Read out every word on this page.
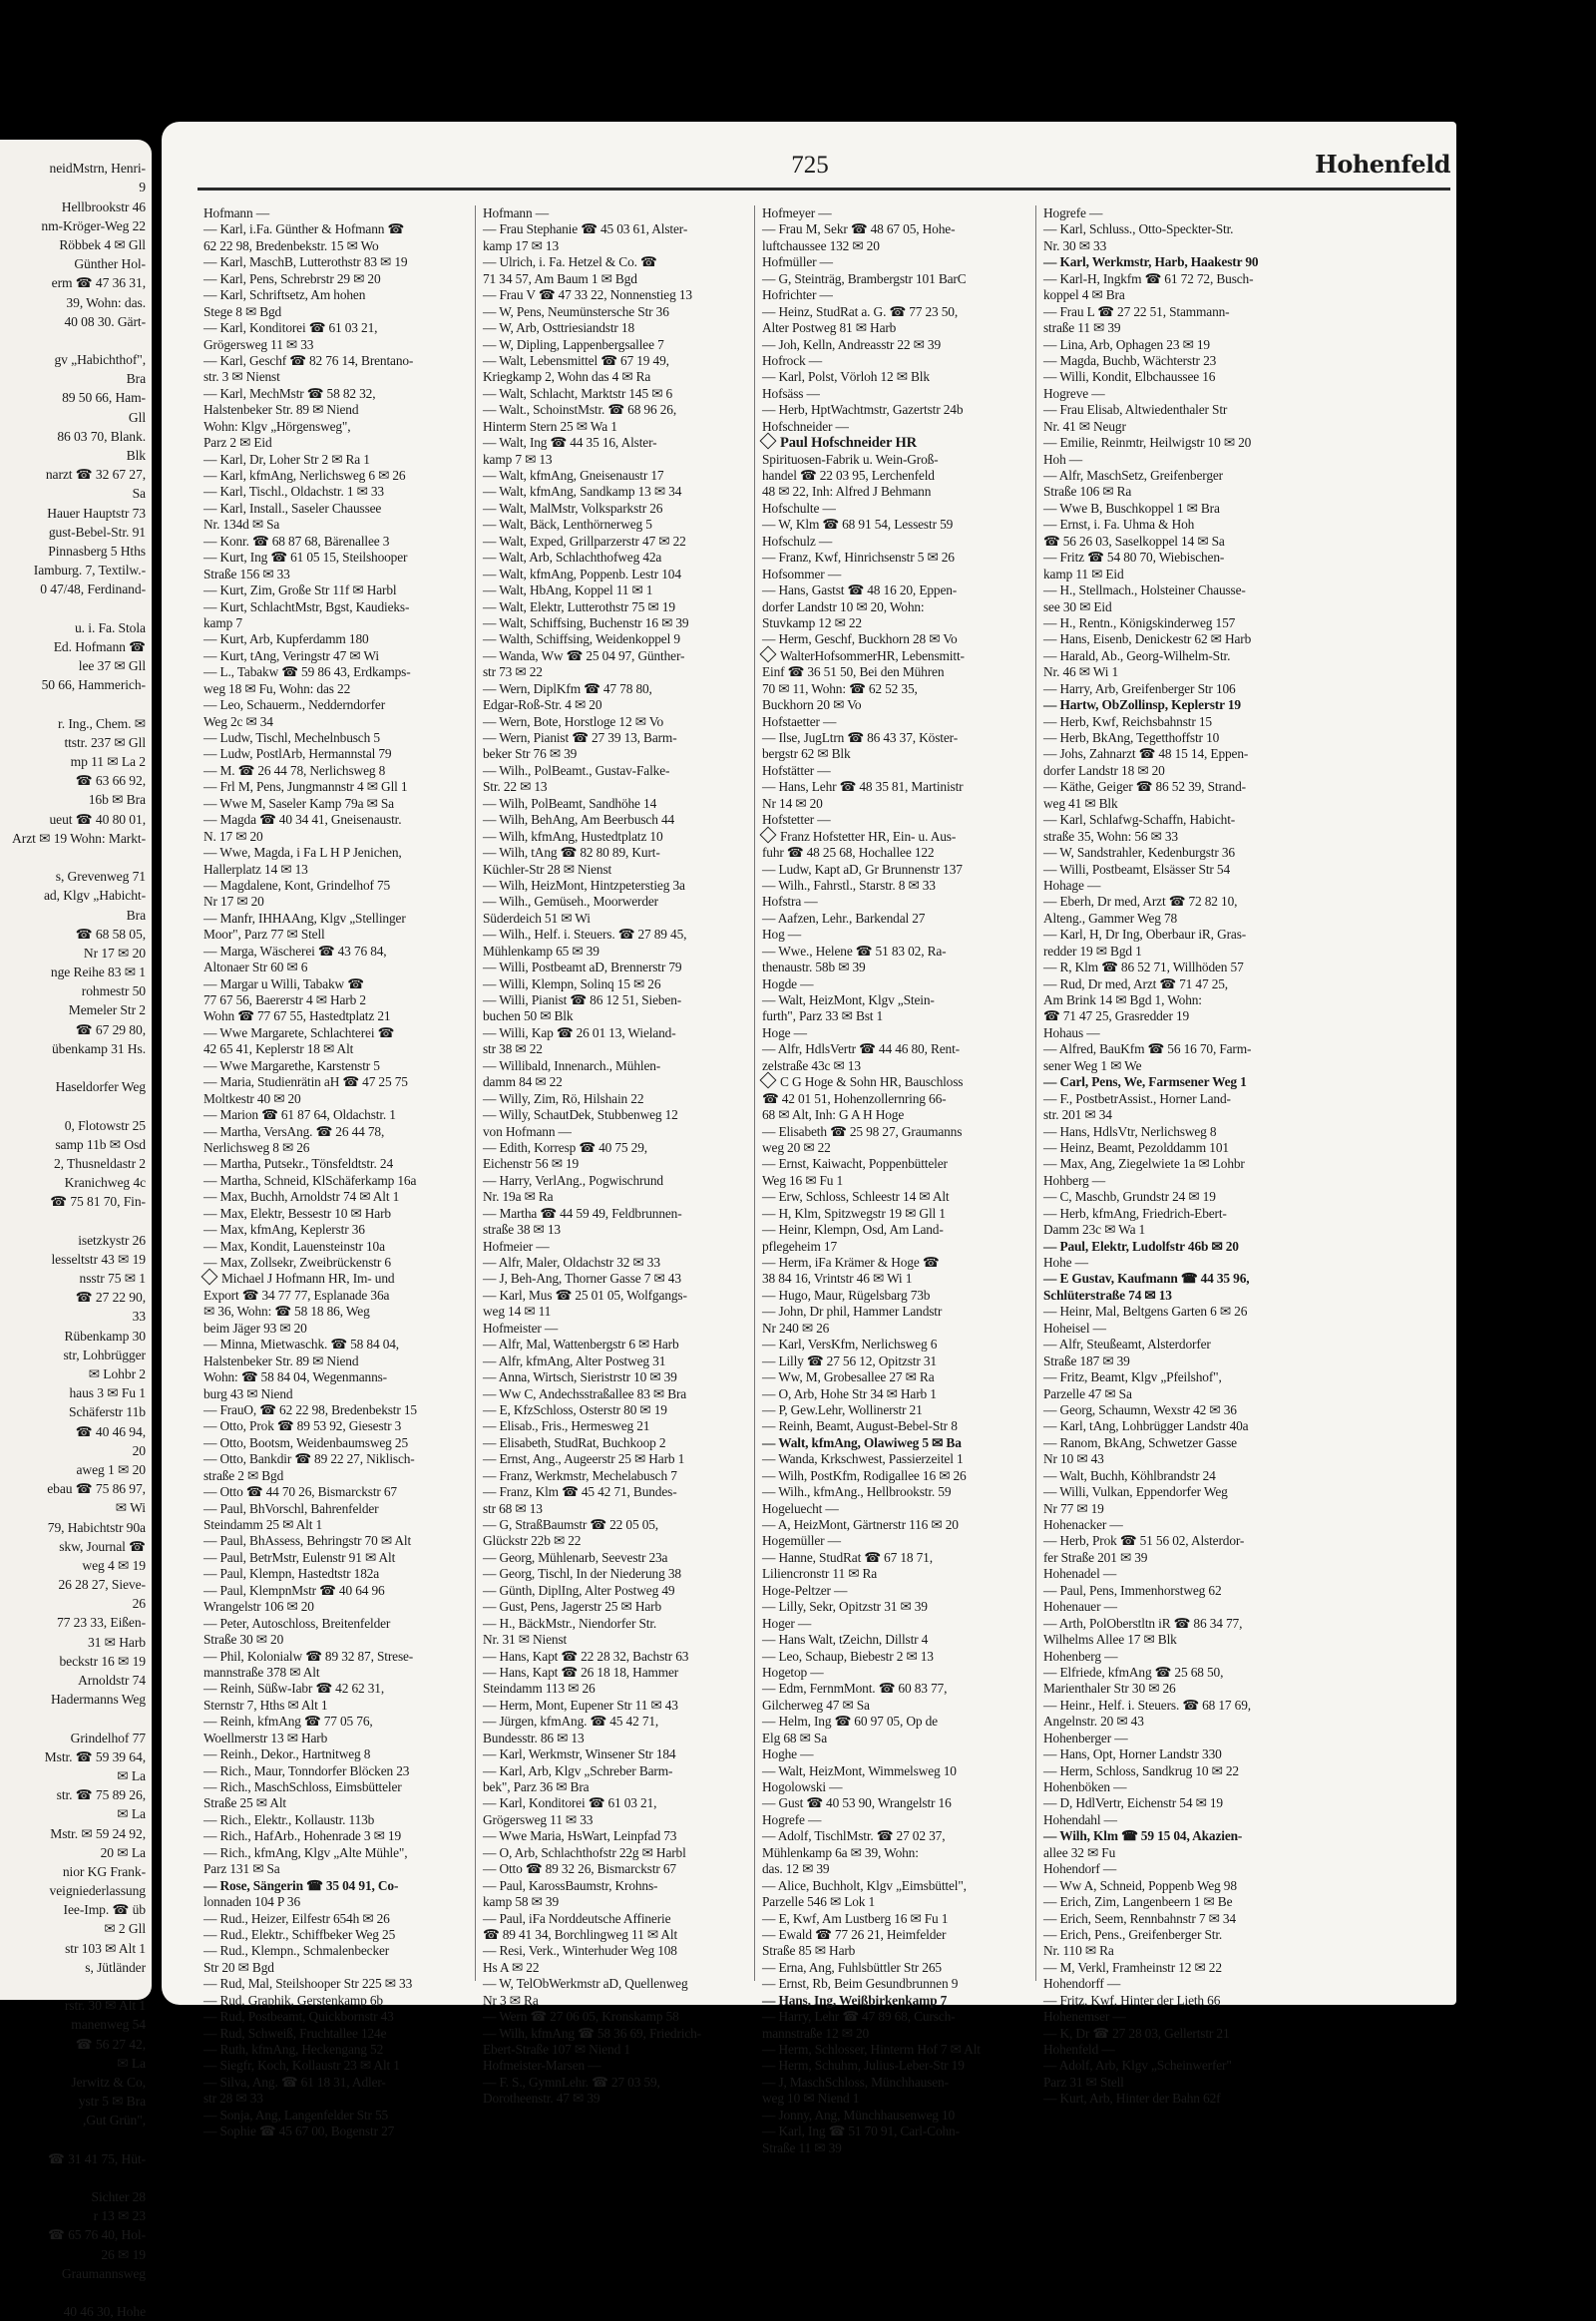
neidMstrn, Henri-
9
Hellbrookstr 46
nm-Kröger-Weg 22
Röbbek 4 ✉ Gll
Günther Hol-
erm ☎ 47 36 31,
39, Wohn: das.
40 08 30. Gärt-
gv „Habichthof",
Bra
89 50 66, Ham-
Gll
86 03 70, Blank.
Blk
narzt ☎ 32 67 27,
Sa
Hauer Hauptstr 73
gust-Bebel-Str. 91
Pinnasberg 5 Hths
Iamburg. 7, Textilw.-
0 47/48, Ferdinand-
u. i. Fa. Stola
Ed. Hofmann ☎
lee 37 ✉ Gll
50 66, Hammerich-
r. Ing., Chem. ✉
ttstr. 237 ✉ Gll
mp 11 ✉ La 2
☎ 63 66 92,
16b ✉ Bra
ueut ☎ 40 80 01,
Arzt ✉ 19 Wohn: Markt-
s, Grevenweg 71
ad, Klgv „Habicht-
Bra
☎ 68 58 05,
Nr 17 ✉ 20
nge Reihe 83 ✉ 1
rohmestr 50
Memeler Str 2
☎ 67 29 80,
übenkamp 31 Hs.
Haseldorfer Weg
0, Flotowstr 25
samp 11b ✉ Osd
2, Thusneldastr 2
Kranichweg 4c
☎ 75 81 70, Fin-
isetzkystr 26
lesseltstr 43 ✉ 19
nsstr 75 ✉ 1
☎ 27 22 90,
33
Rübenkamp 30
str, Lohbrügger
✉ Lohbr 2
haus 3 ✉ Fu 1
Schäferstr 11b
☎ 40 46 94,
20
aweg 1 ✉ 20
ebau ☎ 75 86 97,
✉ Wi
79, Habichtstr 90a
skw, Journal ☎
weg 4 ✉ 19
26 28 27, Sieve-
26
77 23 33, Eißen-
31 ✉ Harb
beckstr 16 ✉ 19
Arnoldstr 74
Hadermanns Weg
Grindelhof 77
Mstr. ☎ 59 39 64,
✉ La
str. ☎ 75 89 26,
✉ La
Mstr. ✉ 59 24 92,
20 ✉ La
nior KG Frank-
veigniederlassung
Iee-Imp. ☎ üb
✉ 2 Gll
str 103 ✉ Alt 1
s, Jütländer
rstr. 30 ✉ Alt 1
manenweg 54
☎ 56 27 42,
✉ La
Jerwitz & Co,
ystr 5 ✉ Bra
,Gut Grün",
☎ 31 41 75, Hüt-
Sichter 28
r 13 ✉ 23
☎ 65 76 40, Hol-
26 ✉ 19
Graumannsweg
40 46 30, Hohe
725	Hohenfeld
Hofmann —
— Karl, i.Fa. Günther & Hofmann ☎
62 22 98, Bredenbekstr. 15 ✉ Wo
— Karl, MaschB, Lutterothstr 83 ✉ 19
— Karl, Pens, Schrebrstr 29 ✉ 20
— Karl, Schriftsetz, Am hohen
Stege 8 ✉ Bgd
— Karl, Konditorei ☎ 61 03 21,
Grögersweg 11 ✉ 33
— Karl, Geschf ☎ 82 76 14, Brentano-
str. 3 ✉ Nienst
— Karl, MechMstr ☎ 58 82 32,
Halstenbeker Str. 89 ✉ Niend
Wohn: Klgv „Hörgensweg",
Parz 2 ✉ Eid
— Karl, Dr, Loher Str 2 ✉ Ra 1
— Karl, kfmAng, Nerlichsweg 6 ✉ 26
— Karl, Tischl., Oldachstr. 1 ✉ 33
— Karl, Install., Saseler Chaussee
Nr. 134d ✉ Sa
— Konr. ☎ 68 87 68, Bärenallee 3
— Kurt, Ing ☎ 61 05 15, Steilshooper
Straße 156 ✉ 33
— Kurt, Zim, Große Str 11f ✉ Harbl
— Kurt, SchlachtMstr, Bgst, Kaudieks-
kamp 7
— Kurt, Arb, Kupferdamm 180
— Kurt, tAng, Veringstr 47 ✉ Wi
— L., Tabakw ☎ 59 86 43, Erdkamps-
weg 18 ✉ Fu, Wohn: das 22
— Leo, Schauerm., Nedderndorfer
Weg 2c ✉ 34
— Ludw, Tischl, Mechelnbusch 5
— Ludw, PostlArb, Hermannstal 79
— M. ☎ 26 44 78, Nerlichsweg 8
— Frl M, Pens, Jungmannstr 4 ✉ Gll 1
— Wwe M, Saseler Kamp 79a ✉ Sa
— Magda ☎ 40 34 41, Gneisenaustr.
N. 17 ✉ 20
— Wwe, Magda, i Fa L H P Jenichen,
Hallerplatz 14 ✉ 13
— Magdalene, Kont, Grindelhof 75
Nr 17 ✉ 20
— Manfr, IHHAAng, Klgv „Stellinger
Moor", Parz 77 ✉ Stell
— Marga, Wäscherei ☎ 43 76 84,
Altonaer Str 60 ✉ 6
— Margar u Willi, Tabakw ☎
77 67 56, Baererstr 4 ✉ Harb 2
Wohn ☎ 77 67 55, Hastedtplatz 21
— Wwe Margarete, Schlachterei ☎
42 65 41, Keplerstr 18 ✉ Alt
— Wwe Margarethe, Karstenstr 5
— Maria, Studienrätin aH ☎ 47 25 75
Moltkestr 40 ✉ 20
— Marion ☎ 61 87 64, Oldachstr. 1
— Martha, VersAng. ☎ 26 44 78,
Nerlichsweg 8 ✉ 26
— Martha, Putsekr., Tönsfeldtstr. 24
— Martha, Schneid, KlSchäferkamp 16a
— Max, Buchh, Arnoldstr 74 ✉ Alt 1
— Max, Elektr, Bessestr 10 ✉ Harb
— Max, kfmAng, Keplerstr 36
— Max, Kondit, Lauensteinstr 10a
— Max, Zollsekr, Zweibrückenstr 6
Michael J Hofmann HR, Im- und
Export ☎ 34 77 77, Esplanade 36a
✉ 36, Wohn: ☎ 58 18 86, Weg
beim Jäger 93 ✉ 20
— Minna, Mietwaschk. ☎ 58 84 04,
Halstenbeker Str. 89 ✉ Niend
Wohn: ☎ 58 84 04, Wegenmanns-
burg 43 ✉ Niend
— FrauO, ☎ 62 22 98, Bredenbekstr 15
— Otto, Prok ☎ 89 53 92, Giesestr 3
— Otto, Bootsm, Weidenbaumsweg 25
— Otto, Bankdir ☎ 89 22 27, Niklisch-
straße 2 ✉ Bgd
— Otto ☎ 44 70 26, Bismarckstr 67
— Paul, BhVorschl, Bahrenfelder
Steindamm 25 ✉ Alt 1
— Paul, BhAssess, Behringstr 70 ✉ Alt
— Paul, BetrMstr, Eulenstr 91 ✉ Alt
— Paul, Klempn, Hastedtstr 182a
— Paul, KlempnMstr ☎ 40 64 96
Wrangelstr 106 ✉ 20
— Peter, Autoschloss, Breitenfelder
Straße 30 ✉ 20
— Phil, Kolonialw ☎ 89 32 87, Strese-
mannstraße 378 ✉ Alt
— Reinh, Süßw-Iabr ☎ 42 62 31,
Sternstr 7, Hths ✉ Alt 1
— Reinh, kfmAng ☎ 77 05 76,
Woellmerstr 13 ✉ Harb
— Reinh., Dekor., Hartnitweg 8
— Rich., Maur, Tonndorfer Blöcken 23
— Rich., MaschSchloss, Eimsbütteler
Straße 25 ✉ Alt
— Rich., Elektr., Kollaustr. 113b
— Rich., HafArb., Hohenrade 3 ✉ 19
— Rich., kfmAng, Klgv „Alte Mühle",
Parz 131 ✉ Sa
— Rose, Sängerin ☎ 35 04 91, Co-
lonnaden 104 P 36
— Rud., Heizer, Eilfestr 654h ✉ 26
— Rud., Elektr., Schiffbeker Weg 25
— Rud., Klempn., Schmalenbecker
Str 20 ✉ Bgd
— Rud, Mal, Steilshooper Str 225 ✉ 33
— Rud, Graphik, Gerstenkamp 6b
— Rud, Postbeamt, Quickbornstr 43
— Rud, Schweiß, Fruchtallee 124e
— Ruth, kfmAng, Heckengang 52
— Siegfr, Koch, Kollaustr 23 ✉ Alt 1
— Silva, Ang. ☎ 61 18 31, Adler-
str 28 ✉ 33
— Sonja, Ang, Langenfelder Str 55
— Sophie ☎ 45 67 00, Bogenstr 27
Hofmann —
— Frau Stephanie ☎ 45 03 61, Alster-
kamp 17 ✉ 13
— Ulrich, i. Fa. Hetzel & Co. ☎
71 34 57, Am Baum 1 ✉ Bgd
— Frau V ☎ 47 33 22, Nonnenstieg 13
— W, Pens, Neumünstersche Str 36
— W, Arb, Osttriesiandstr 18
— W, Dipling, Lappenbergsallee 7
— Walt, Lebensmittel ☎ 67 19 49,
Kriegkamp 2, Wohn das 4 ✉ Ra
— Walt, Schlacht, Marktstr 145 ✉ 6
— Walt., SchoinstMstr. ☎ 68 96 26,
Hinterm Stern 25 ✉ Wa 1
— Walt, Ing ☎ 44 35 16, Alster-
kamp 7 ✉ 13
— Walt, kfmAng, Gneisenaustr 17
— Walt, kfmAng, Sandkamp 13 ✉ 34
— Walt, MalMstr, Volksparkstr 26
— Walt, Bäck, Lenthörnerweg 5
— Walt, Exped, Grillparzerstr 47 ✉ 22
— Walt, Arb, Schlachthofweg 42a
— Walt, kfmAng, Poppenb. Lestr 104
— Walt, HbAng, Koppel 11 ✉ 1
— Walt, Elektr, Lutterothstr 75 ✉ 19
— Walt, Schiffsing, Buchenstr 16 ✉ 39
— Walth, Schiffsing, Weidenkoppel 9
— Wanda, Ww ☎ 25 04 97, Günther-
str 73 ✉ 22
— Wern, DiplKfm ☎ 47 78 80,
Edgar-Roß-Str. 4 ✉ 20
— Wern, Bote, Horstloge 12 ✉ Vo
— Wern, Pianist ☎ 27 39 13, Barm-
beker Str 76 ✉ 39
— Wilh., PolBeamt., Gustav-Falke-
Str. 22 ✉ 13
— Wilh, PolBeamt, Sandhöhe 14
— Wilh, BehAng, Am Beerbusch 44
— Wilh, kfmAng, Hustedtplatz 10
— Wilh, tAng ☎ 82 80 89, Kurt-
Küchler-Str 28 ✉ Nienst
— Wilh, HeizMont, Hintzpeterstieg 3a
— Wilh., Gemüseh., Moorwerder
Süderdeich 51 ✉ Wi
— Wilh., Helf. i. Steuers. ☎ 27 89 45,
Mühlenkamp 65 ✉ 39
— Willi, Postbeamt aD, Brennerstr 79
— Willi, Klempn, Solinq 15 ✉ 26
— Willi, Pianist ☎ 86 12 51, Sieben-
buchen 50 ✉ Blk
— Willi, Kap ☎ 26 01 13, Wieland-
str 38 ✉ 22
— Willibald, Innenarch., Mühlen-
damm 84 ✉ 22
— Willy, Zim, Rö, Hilshain 22
— Willy, SchautDek, Stubbenweg 12
von Hofmann —
— Edith, Korresp ☎ 40 75 29,
Eichenstr 56 ✉ 19
— Harry, VerlAng., Pogwischrund
Nr. 19a ✉ Ra
— Martha ☎ 44 59 49, Feldbrunnen-
straße 38 ✉ 13
Hofmeier —
— Alfr, Maler, Oldachstr 32 ✉ 33
— J, Beh-Ang, Thorner Gasse 7 ✉ 43
— Karl, Mus ☎ 25 01 05, Wolfgangs-
weg 14 ✉ 11
Hofmeister —
— Alfr, Mal, Wattenbergstr 6 ✉ Harb
— Alfr, kfmAng, Alter Postweg 31
— Anna, Wirtsch, Sieristrstr 10 ✉ 39
— Ww C, Andechsstraßallee 83 ✉ Bra
— E, KfzSchloss, Osterstr 80 ✉ 19
— Elisab., Fris., Hermesweg 21
— Elisabeth, StudRat, Buchkoop 2
— Ernst, Ang., Augeerstr 25 ✉ Harb 1
— Franz, Werkmstr, Mechelabusch 7
— Franz, Klm ☎ 45 42 71, Bundes-
str 68 ✉ 13
— G, StraßBaumstr ☎ 22 05 05,
Glückstr 22b ✉ 22
— Georg, Mühlenarb, Seevestr 23a
— Georg, Tischl, In der Niederung 38
— Günth, DiplIng, Alter Postweg 49
— Gust, Pens, Jagerstr 25 ✉ Harb
— H., BäckMstr., Niendorfer Str.
Nr. 31 ✉ Nienst
— Hans, Kapt ☎ 22 28 32, Bachstr 63
— Hans, Kapt ☎ 26 18 18, Hammer
Steindamm 113 ✉ 26
— Herm, Mont, Eupener Str 11 ✉ 43
— Jürgen, kfmAng. ☎ 45 42 71,
Bundesstr. 86 ✉ 13
— Karl, Werkmstr, Winsener Str 184
— Karl, Arb, Klgv „Schreber Barm-
bek", Parz 36 ✉ Bra
— Karl, Konditorei ☎ 61 03 21,
Grögersweg 11 ✉ 33
— Wwe Maria, HsWart, Leinpfad 73
— O, Arb, Schlachthofstr 22g ✉ Harbl
— Otto ☎ 89 32 26, Bismarckstr 67
— Paul, KarossBaumstr, Krohns-
kamp 58 ✉ 39
— Paul, iFa Norddeutsche Affinerie
☎ 89 41 34, Borchlingweg 11 ✉ Alt
— Resi, Verk., Winterhuder Weg 108
Hs A ✉ 22
— W, TelObWerkmstr aD, Quellenweg
Nr 3 ✉ Ra
— Wern ☎ 27 06 05, Kronskamp 58
— Wilh, kfmAng ☎ 58 36 69, Friedrich-
Ebert-Straße 107 ✉ Niend 1
Hofmeister-Marsen —
— F. S., GymnLehr. ☎ 27 03 59,
Dorotheenstr. 47 ✉ 39
Hofmeyer —
— Frau M, Sekr ☎ 48 67 05, Hohe-
luftchaussee 132 ✉ 20
Hofmüller —
— G, Steinträg, Brambergstr 101 BarC
Hofrichter —
— Heinz, StudRat a. G. ☎ 77 23 50,
Alter Postweg 81 ✉ Harb
— Joh, Kelln, Andreasstr 22 ✉ 39
Hofrock —
— Karl, Polst, Vörloh 12 ✉ Blk
Hofsäss —
— Herb, HptWachtmstr, Gazertstr 24b
Hofschneider —
Paul Hofschneider HR
Spirituosen-Fabrik u. Wein-Groß-
handel ☎ 22 03 95, Lerchenfeld
48 ✉ 22, Inh: Alfred J Behmann
Hofschulte —
— W, Klm ☎ 68 91 54, Lessestr 59
Hofschulz —
— Franz, Kwf, Hinrichsenstr 5 ✉ 26
Hofsommer —
— Hans, Gastst ☎ 48 16 20, Eppen-
dorfer Landstr 10 ✉ 20, Wohn:
Stuvkamp 12 ✉ 22
— Herm, Geschf, Buckhorn 28 ✉ Vo
WalterHofsommerHR, Lebensmitt-
Einf ☎ 36 51 50, Bei den Mühren
70 ✉ 11, Wohn: ☎ 62 52 35,
Buckhorn 20 ✉ Vo
Hofstaetter —
— Ilse, JugLtrn ☎ 86 43 37, Köster-
bergstr 62 ✉ Blk
Hofstätter —
— Hans, Lehr ☎ 48 35 81, Martinistr
Nr 14 ✉ 20
Hofstetter —
Franz Hofstetter HR, Ein- u. Aus-
fuhr ☎ 48 25 68, Hochallee 122
— Ludw, Kapt aD, Gr Brunnenstr 137
— Wilh., Fahrstl., Starstr. 8 ✉ 33
Hofstra —
— Aafzen, Lehr., Barkendal 27
Hog —
— Wwe., Helene ☎ 51 83 02, Ra-
thenaustr. 58b ✉ 39
Hogde —
— Walt, HeizMont, Klgv „Stein-
furth", Parz 33 ✉ Bst 1
Hoge —
— Alfr, HdlsVertr ☎ 44 46 80, Rent-
zelstraße 43c ✉ 13
C G Hoge & Sohn HR, Bauschloss
☎ 42 01 51, Hohenzollernring 66-
68 ✉ Alt, Inh: G A H Hoge
— Elisabeth ☎ 25 98 27, Graumanns
weg 20 ✉ 22
— Ernst, Kaiwacht, Poppenbütteler
Weg 16 ✉ Fu 1
— Erw, Schloss, Schleestr 14 ✉ Alt
— H, Klm, Spitzwegstr 19 ✉ Gll 1
— Heinr, Klempn, Osd, Am Land-
pflegeheim 17
— Herm, iFa Krämer & Hoge ☎
38 84 16, Vrintstr 46 ✉ Wi 1
— Hugo, Maur, Rügelsbarg 73b
— John, Dr phil, Hammer Landstr
Nr 240 ✉ 26
— Karl, VersKfm, Nerlichsweg 6
— Lilly ☎ 27 56 12, Opitzstr 31
— Ww, M, Grobesallee 27 ✉ Ra
— O, Arb, Hohe Str 34 ✉ Harb 1
— P, Gew.Lehr, Wollinerstr 21
— Reinh, Beamt, August-Bebel-Str 8
— Walt, kfmAng, Olawiweg 5 ✉ Ba
— Wanda, Krkschwest, Passierzeitel 1
— Wilh, PostKfm, Rodigallee 16 ✉ 26
— Wilh., kfmAng., Hellbrookstr. 59
Hogeluecht —
— A, HeizMont, Gärtnerstr 116 ✉ 20
Hogemüller —
— Hanne, StudRat ☎ 67 18 71,
Liliencronstr 11 ✉ Ra
Hoge-Peltzer —
— Lilly, Sekr, Opitzstr 31 ✉ 39
Hoger —
— Hans Walt, tZeichn, Dillstr 4
— Leo, Schaup, Biebestr 2 ✉ 13
Hogetop —
— Edm, FernmMont. ☎ 60 83 77,
Gilcherweg 47 ✉ Sa
— Helm, Ing ☎ 60 97 05, Op de
Elg 68 ✉ Sa
Hoghe —
— Walt, HeizMont, Wimmelsweg 10
Hogolowski —
— Gust ☎ 40 53 90, Wrangelstr 16
Hogrefe —
— Adolf, TischlMstr. ☎ 27 02 37,
Mühlenkamp 6a ✉ 39, Wohn:
das. 12 ✉ 39
— Alice, Buchholt, Klgv „Eimsbüttel",
Parzelle 546 ✉ Lok 1
— E, Kwf, Am Lustberg 16 ✉ Fu 1
— Ewald ☎ 77 26 21, Heimfelder
Straße 85 ✉ Harb
— Erna, Ang, Fuhlsbüttler Str 265
— Ernst, Rb, Beim Gesundbrunnen 9
— Hans, Ing, Weißbirkenkamp 7
— Harry, Lehr ☎ 47 89 68, Cursch-
mannstraße 12 ✉ 20
— Herm, Schlosser, Hinterm Hof 7 ✉ Alt
— Herm, Schuhm, Julius-Leber-Str 19
— J, MaschSchloss, Münchhausen-
weg 10 ✉ Niend 1
— Jonny, Ang, Münchhausenweg 10
— Karl, Ing ☎ 51 70 91, Carl-Cohn-
Straße 11 ✉ 39
Hogrefe —
— Karl, Schluss., Otto-Speckter-Str.
Nr. 30 ✉ 33
— Karl, Werkmstr, Harb, Haakestr 90
— Karl-H, Ingkfm ☎ 61 72 72, Busch-
koppel 4 ✉ Bra
— Frau L ☎ 27 22 51, Stammann-
straße 11 ✉ 39
— Lina, Arb, Ophagen 23 ✉ 19
— Magda, Buchb, Wächterstr 23
— Willi, Kondit, Elbchaussee 16
Hogreve —
— Frau Elisab, Altwiedenthaler Str
Nr. 41 ✉ Neugr
— Emilie, Reinmtr, Heilwigstr 10 ✉ 20
Hoh —
— Alfr, MaschSetz, Greifenberger
Straße 106 ✉ Ra
— Wwe B, Buschkoppel 1 ✉ Bra
— Ernst, i. Fa. Uhma & Hoh
☎ 56 26 03, Saselkoppel 14 ✉ Sa
— Fritz ☎ 54 80 70, Wiebischen-
kamp 11 ✉ Eid
— H., Stellmach., Holsteiner Chausse-
see 30 ✉ Eid
— H., Rentn., Königskinderweg 157
— Hans, Eisenb, Denickestr 62 ✉ Harb
— Harald, Ab., Georg-Wilhelm-Str.
Nr. 46 ✉ Wi 1
— Harry, Arb, Greifenberger Str 106
— Hartw, ObZollinsp, Keplerstr 19
— Herb, Kwf, Reichsbahnstr 15
— Herb, BkAng, Tegetthoffstr 10
— Johs, Zahnarzt ☎ 48 15 14, Eppen-
dorfer Landstr 18 ✉ 20
— Käthe, Geiger ☎ 86 52 39, Strand-
weg 41 ✉ Blk
— Karl, Schlafwg-Schaffn, Habicht-
straße 35, Wohn: 56 ✉ 33
— W, Sandstrahler, Kedenburgstr 36
— Willi, Postbeamt, Elsässer Str 54
Hohage —
— Eberh, Dr med, Arzt ☎ 72 82 10,
Alteng., Gammer Weg 78
— Karl, H, Dr Ing, Oberbaur iR, Gras-
redder 19 ✉ Bgd 1
— R, Klm ☎ 86 52 71, Willhöden 57
— Rud, Dr med, Arzt ☎ 71 47 25,
Am Brink 14 ✉ Bgd 1, Wohn:
☎ 71 47 25, Grasredder 19
Hohaus —
— Alfred, BauKfm ☎ 56 16 70, Farm-
sener Weg 1 ✉ We
— Carl, Pens, We, Farmsener Weg 1
— F., PostbetrAssist., Horner Land-
str. 201 ✉ 34
— Hans, HdlsVtr, Nerlichsweg 8
— Heinz, Beamt, Pezolddamm 101
— Max, Ang, Ziegelwiete 1a ✉ Lohbr
Hohberg —
— C, Maschb, Grundstr 24 ✉ 19
— Herb, kfmAng, Friedrich-Ebert-
Damm 23c ✉ Wa 1
— Paul, Elektr, Ludolfstr 46b ✉ 20
Hohe —
— E Gustav, Kaufmann ☎ 44 35 96,
Schlüterstraße 74 ✉ 13
— Heinr, Mal, Beltgens Garten 6 ✉ 26
Hoheisel —
— Alfr, Steußeamt, Alsterdorfer
Straße 187 ✉ 39
— Fritz, Beamt, Klgv „Pfeilshof",
Parzelle 47 ✉ Sa
— Georg, Schaumn, Wexstr 42 ✉ 36
— Karl, tAng, Lohbrügger Landstr 40a
— Ranom, BkAng, Schwetzer Gasse
Nr 10 ✉ 43
— Walt, Buchh, Köhlbrandstr 24
— Willi, Vulkan, Eppendorfer Weg
Nr 77 ✉ 19
Hohenacker —
— Herb, Prok ☎ 51 56 02, Alsterdor-
fer Straße 201 ✉ 39
Hohenadel —
— Paul, Pens, Immenhorstweg 62
Hohenauer —
— Arth, PolOberstltn iR ☎ 86 34 77,
Wilhelms Allee 17 ✉ Blk
Hohenberg —
— Elfriede, kfmAng ☎ 25 68 50,
Marienthaler Str 30 ✉ 26
— Heinr., Helf. i. Steuers. ☎ 68 17 69,
Angelnstr. 20 ✉ 43
Hohenberger —
— Hans, Opt, Horner Landstr 330
— Herm, Schloss, Sandkrug 10 ✉ 22
Hohenböken —
— D, HdlVertr, Eichenstr 54 ✉ 19
Hohendahl —
— Wilh, Klm ☎ 59 15 04, Akazien-
allee 32 ✉ Fu
Hohendorf —
— Ww A, Schneid, Poppenb Weg 98
— Erich, Zim, Langenbeern 1 ✉ Be
— Erich, Seem, Rennbahnstr 7 ✉ 34
— Erich, Pens., Greifenberger Str.
Nr. 110 ✉ Ra
— M, Verkl, Framheinstr 12 ✉ 22
Hohendorff —
— Fritz, Kwf, Hinter der Lieth 66
Hohenemser —
— K, Dr ☎ 27 28 03, Gellertstr 21
Hohenfeld —
— Adolf, Arb, Klgv „Scheinwerfer"
Parz 31 ✉ Stell
— Kurt, Arb, Hinter der Bahn 62f
